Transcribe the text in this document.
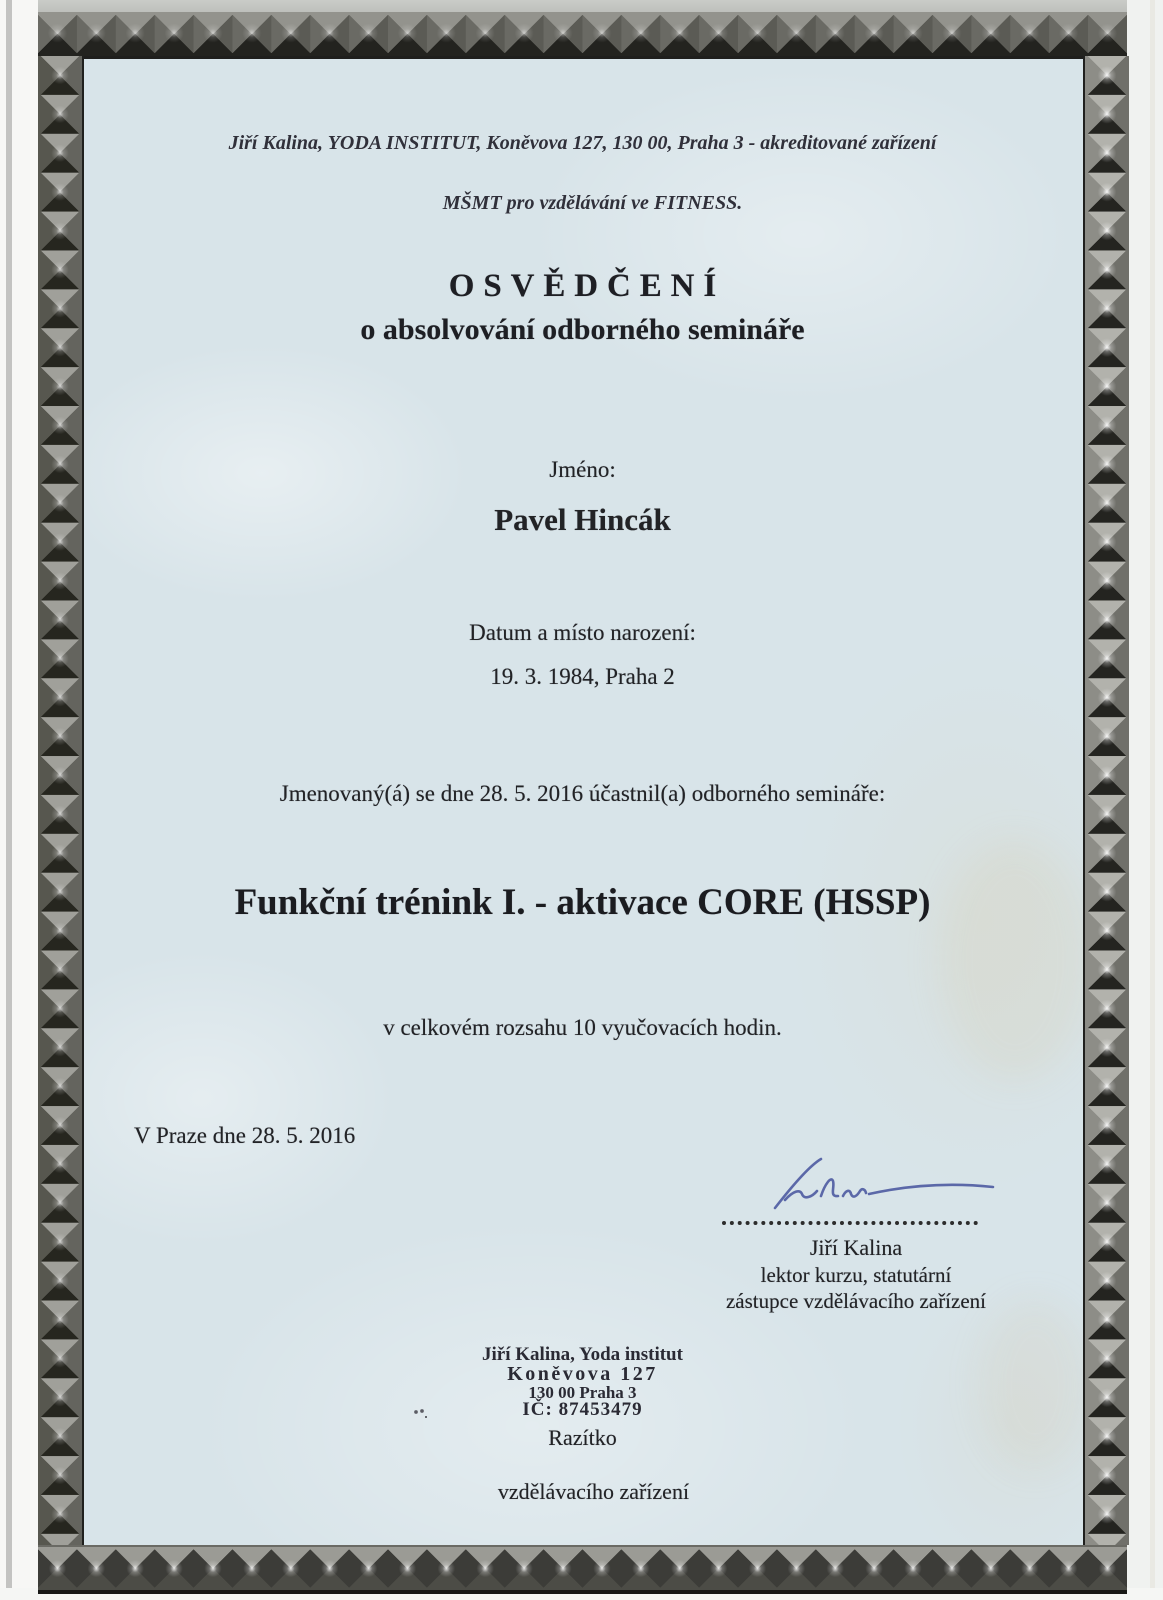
Jiří Kalina, YODA INSTITUT, Koněvova 127, 130 00, Praha 3 - akreditované zařízení

MŠMT pro vzdělávání ve FITNESS.
OSVĚDČENÍ
o absolvování odborného semináře
Jméno:
Pavel Hincák
Datum a místo narození:
19. 3. 1984, Praha 2
Jmenovaný(á) se dne 28. 5. 2016 účastnil(a) odborného semináře:
Funkční trénink I. - aktivace CORE (HSSP)
v celkovém rozsahu 10 vyučovacích hodin.
V Praze dne 28. 5. 2016
Jiří Kalina
lektor kurzu, statutární
zástupce vzdělávacího zařízení
Jiří Kalina, Yoda institut
Koněvova 127
130 00 Praha 3
IČ: 87453479
Razítko

vzdělávacího zařízení
